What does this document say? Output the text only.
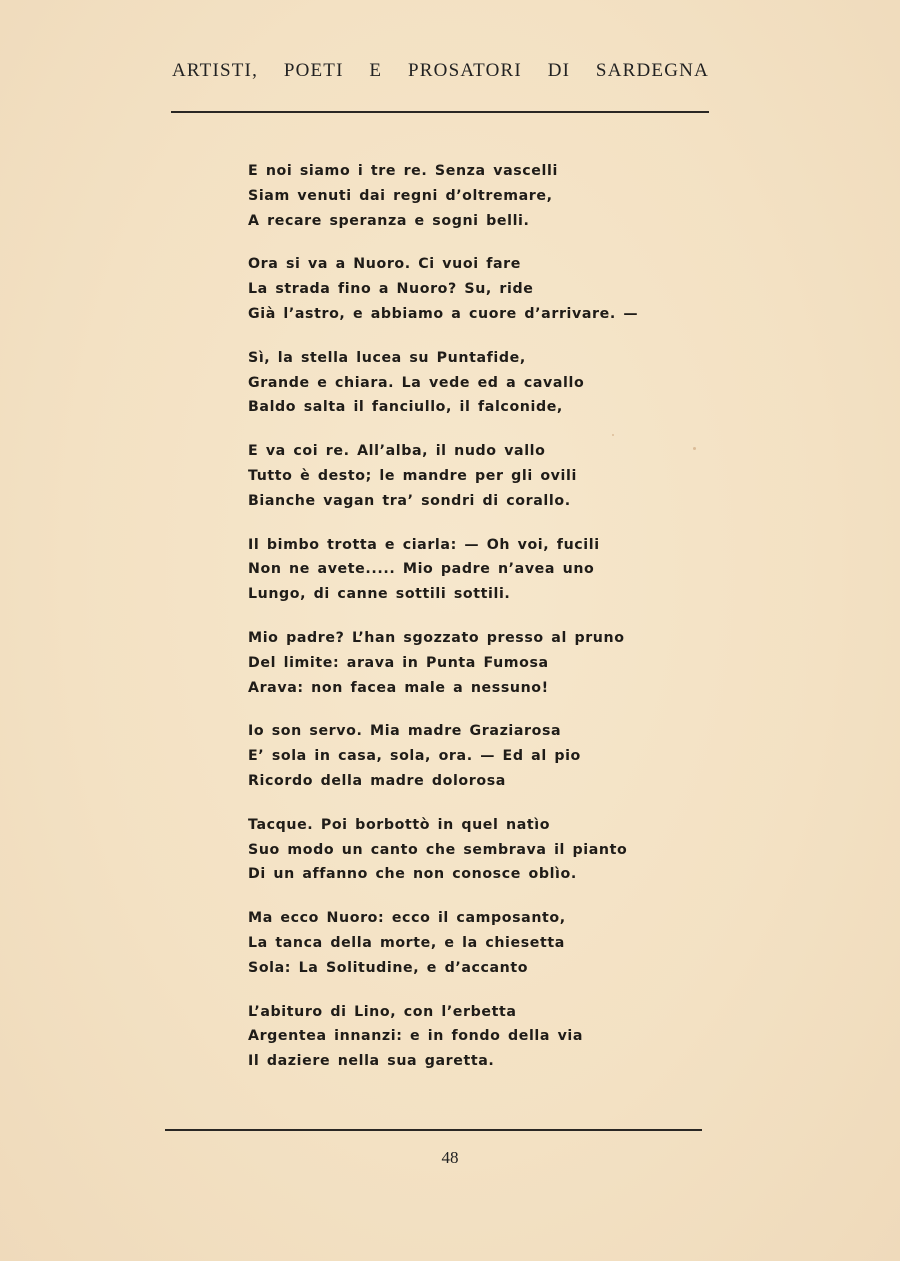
ARTISTI, POETI E PROSATORI DI SARDEGNA
E noi siamo i tre re. Senza vascelli
Siam venuti dai regni d’oltremare,
A recare speranza e sogni belli.
Ora si va a Nuoro. Ci vuoi fare
La strada fino a Nuoro? Su, ride
Già l’astro, e abbiamo a cuore d’arrivare. —
Sì, la stella lucea su Puntafide,
Grande e chiara. La vede ed a cavallo
Baldo salta il fanciullo, il falconide,
E va coi re. All’alba, il nudo vallo
Tutto è desto; le mandre per gli ovili
Bianche vagan tra’ sondri di corallo.
Il bimbo trotta e ciarla: — Oh voi, fucili
Non ne avete..... Mio padre n’avea uno
Lungo, di canne sottili sottili.
Mio padre? L’han sgozzato presso al pruno
Del limite: arava in Punta Fumosa
Arava: non facea male a nessuno!
Io son servo. Mia madre Graziarosa
E’ sola in casa, sola, ora. — Ed al pio
Ricordo della madre dolorosa
Tacque. Poi borbottò in quel natìo
Suo modo un canto che sembrava il pianto
Di un affanno che non conosce oblìo.
Ma ecco Nuoro: ecco il camposanto,
La tanca della morte, e la chiesetta
Sola: La Solitudine, e d’accanto
L’abituro di Lino, con l’erbetta
Argentea innanzi: e in fondo della via
Il daziere nella sua garetta.
48
